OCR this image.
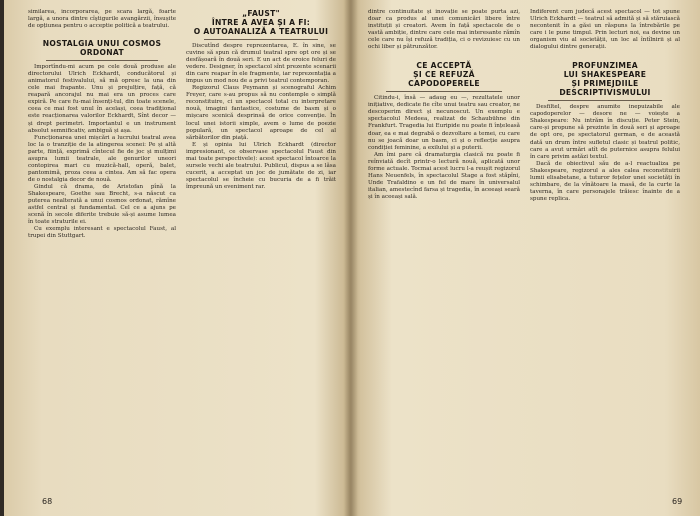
similarea, incorporarea, pe scara largă, foarte largă, a unora dintre cîştigurile avangărzii, însușite de opțiunea pentru o acceptie politică a teatrului.

NOSTALGIA UNUI COSMOS ORDONAT

Importîndu-mi acum pe cele două produse ale directorului Ulrich Eckhardt, conducătorul și animatorul festivalului, să mă opresc la una din cele mai frapante. Unu și prejulțire, față, că reapară ancorajul nu mai era un proces care expiră. Pe care fu-mai însenți-tul, din toate scenele, ceea ce mai fost unul în același, ceea tradițional este reacționarea valorilor Eckhardt, Sînt decor — și drept perimetri. Importantul e un instrument absolut semnificativ, ambiguă și așa.

Funcționarea unei mișcări a lucrului teatral avea loc la o tranziție de la atingerea scenei: Pe și altă parte, ființă, exprimă cîntecul fie de joc și mulțimi asupra lumii teatrale, ale genurilor uneori contopirea mari cu muzică-hall, operă, balet, pantomimă, proza ceea a cintea. Am să fac opera de o nostalgia decor de nouă.

Gindul că drama, de Aristofan pînă la Shakespeare, Goethe sau Brecht, s-a născut ca puterea nealterată a unui cosmos ordonat, rămîne astfel central și fundamental. Cel ce a ajuns pe scenă în secole diferite trebuie să-și asume lumea în toate straturile ei.

Cu exemplu interesant e spectacolul Faust, al trupei din Stuttgart.

„FAUST"
ÎNTRE A AVEA ȘI A FI:
O AUTOANALIZĂ A TEATRULUI

Discutînd despre reprezentarea, E. în sine, se cuvine să spun că drumul teatral spre opt ore și se desfășoară în două seri. E un act de eroice feluri de vedere. Designer, în spectacol sînt prezente scenarii din care reapar în ele fragmente, iar reprezentația a impus un mod nou de a privi teatrul contemporan.

Regizorul Claus Peymann și scenograful Achim Freyer, care s-au propus să nu contemple o simplă reconstituire, ci un spectacol total cu interpretare nouă, imagini fantastice, costume de basm și o mișcare scenică desprinsă de orice convenție. În locul unei istorii simple, avem o lume de poezie populară, un spectacol aproape de cel al sărbătorilor din piață.

E și opinia lui Ulrich Eckhardt (director impresionant, ce observase spectacolul Faust din mai toate perspectivele): acest spectacol întoarce la sursele vechi ale teatrului. Publicul, dispus a se lăsa cucerit, a acceptat un joc de jumătate de zi, iar spectacolul se încheie cu bucuria de a fi trăit împreună un eveniment rar.

68

dintre continuitate și inovație se poate purta azi, doar ca produs al unei comunicări libere între instituții și creatori. Avem în față spectacole de o vastă ambiție, dintre care cele mai interesante rămîn cele care nu își refuză tradiția, ci o revizuiesc cu un ochi liber și pătrunzător.

CE ACCEPTĂ
ȘI CE REFUZĂ
CAPODOPERELE

Citindu-i, însă — adaug eu —, rezultatele unor inițiative, dedicate fie cîte unui teatru sau creator, ne descoperim direct și necunoscut. Un exemplu e spectacolul Medeea, realizat de Schaubühne din Frankfurt. Tragedia lui Euripide nu poate fi înțeleasă doar, ea e mai degrabă o dezvoltare a temei, cu care nu se joacă doar un basm, ci și o reflecție asupra condiției feminine, a exilului și a puterii.

Am îmi pare că dramaturgia clasică nu poate fi reînviată decît printr-o lectură nouă, aplicată unor forme actuale. Tocmai acest lucru l-a reușit regizorul Hans Neuenfels, în spectacolul Stage a fost stăpîni, Unde Trafaldino e un fel de mare în universalul italian, amestecînd farsa și tragedia, în aceeași seară și în aceeași sală.

Indiferent cum judecă acest spectacol — tot spune Ulrich Eckhardt — teatrul să admită și să stăruiască necontenit în a găsi un răspuns la întrebările pe care i le pune timpul. Prin lecturi noi, ea devine un organism viu al societății, un loc al întîlnirii și al dialogului dintre generații.

PROFUNZIMEA
LUI SHAKESPEARE
ȘI PRIMEJDIILE
DESCRIPTIVISMULUI

Desfiltel, despre anumite inepuizabile ale capodoperelor — desore ne — voiește a Shakespeare: Nu intrăm în discuție. Peter Stein, care-și propune să prezinte în două seri și aproape de opt ore, pe spectatorul german, e de această dată un drum între sufletul clasic și teatrul politic, care a avut urmări atît de puternice asupra felului în care privim astăzi textul.

Dacă de obiectivul său de a-l reactualiza pe Shakespeare, regizorul a ales calea reconstituirii lumii elisabetane, a tuturor fețelor unei societăți în schimbare, de la vînătoare la masă, de la curte la taverna, în care personajele trăiesc înainte de a spune replica.

69
